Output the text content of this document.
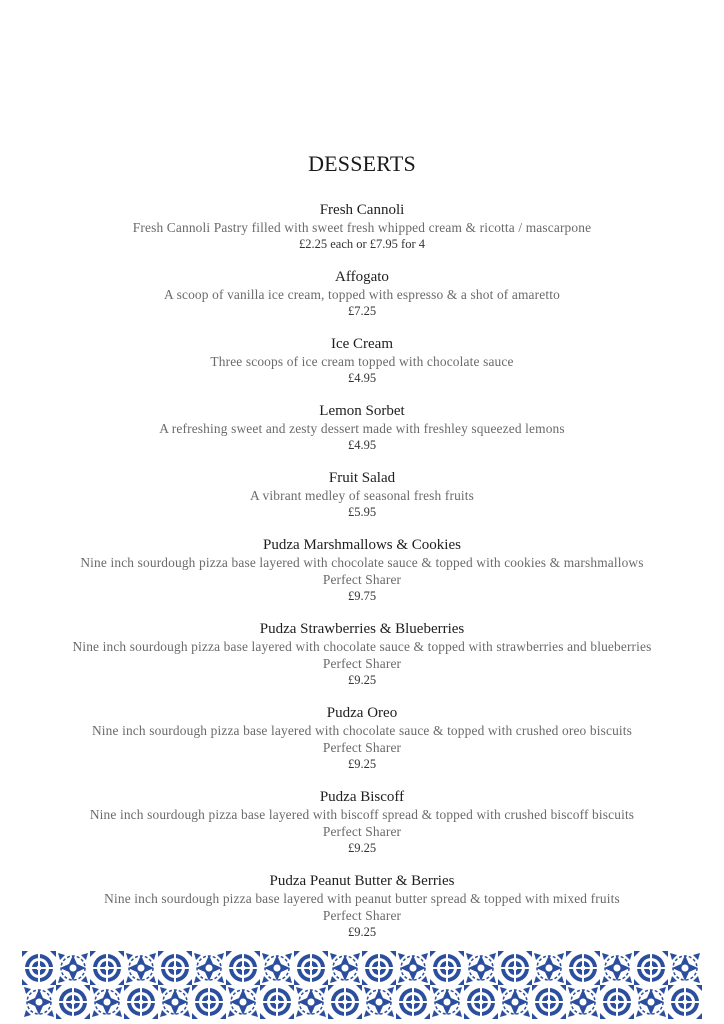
DESSERTS
Fresh Cannoli
Fresh Cannoli Pastry filled with sweet fresh whipped cream & ricotta / mascarpone
£2.25 each or £7.95 for 4
Affogato
A scoop of vanilla ice cream, topped with espresso & a shot of amaretto
£7.25
Ice Cream
Three scoops of ice cream topped with chocolate sauce
£4.95
Lemon Sorbet
A refreshing sweet and zesty dessert made with freshley squeezed lemons
£4.95
Fruit Salad
A vibrant medley of seasonal fresh fruits
£5.95
Pudza Marshmallows & Cookies
Nine inch sourdough pizza base layered with chocolate sauce & topped with cookies & marshmallows
Perfect Sharer
£9.75
Pudza Strawberries & Blueberries
Nine inch sourdough pizza base layered with chocolate sauce & topped with strawberries and blueberries
Perfect Sharer
£9.25
Pudza Oreo
Nine inch sourdough pizza base layered with chocolate sauce & topped with crushed oreo biscuits
Perfect Sharer
£9.25
Pudza Biscoff
Nine inch sourdough pizza base layered with biscoff spread & topped with crushed biscoff biscuits
Perfect Sharer
£9.25
Pudza Peanut Butter & Berries
Nine inch sourdough pizza base layered with peanut butter spread & topped with mixed fruits
Perfect Sharer
£9.25
